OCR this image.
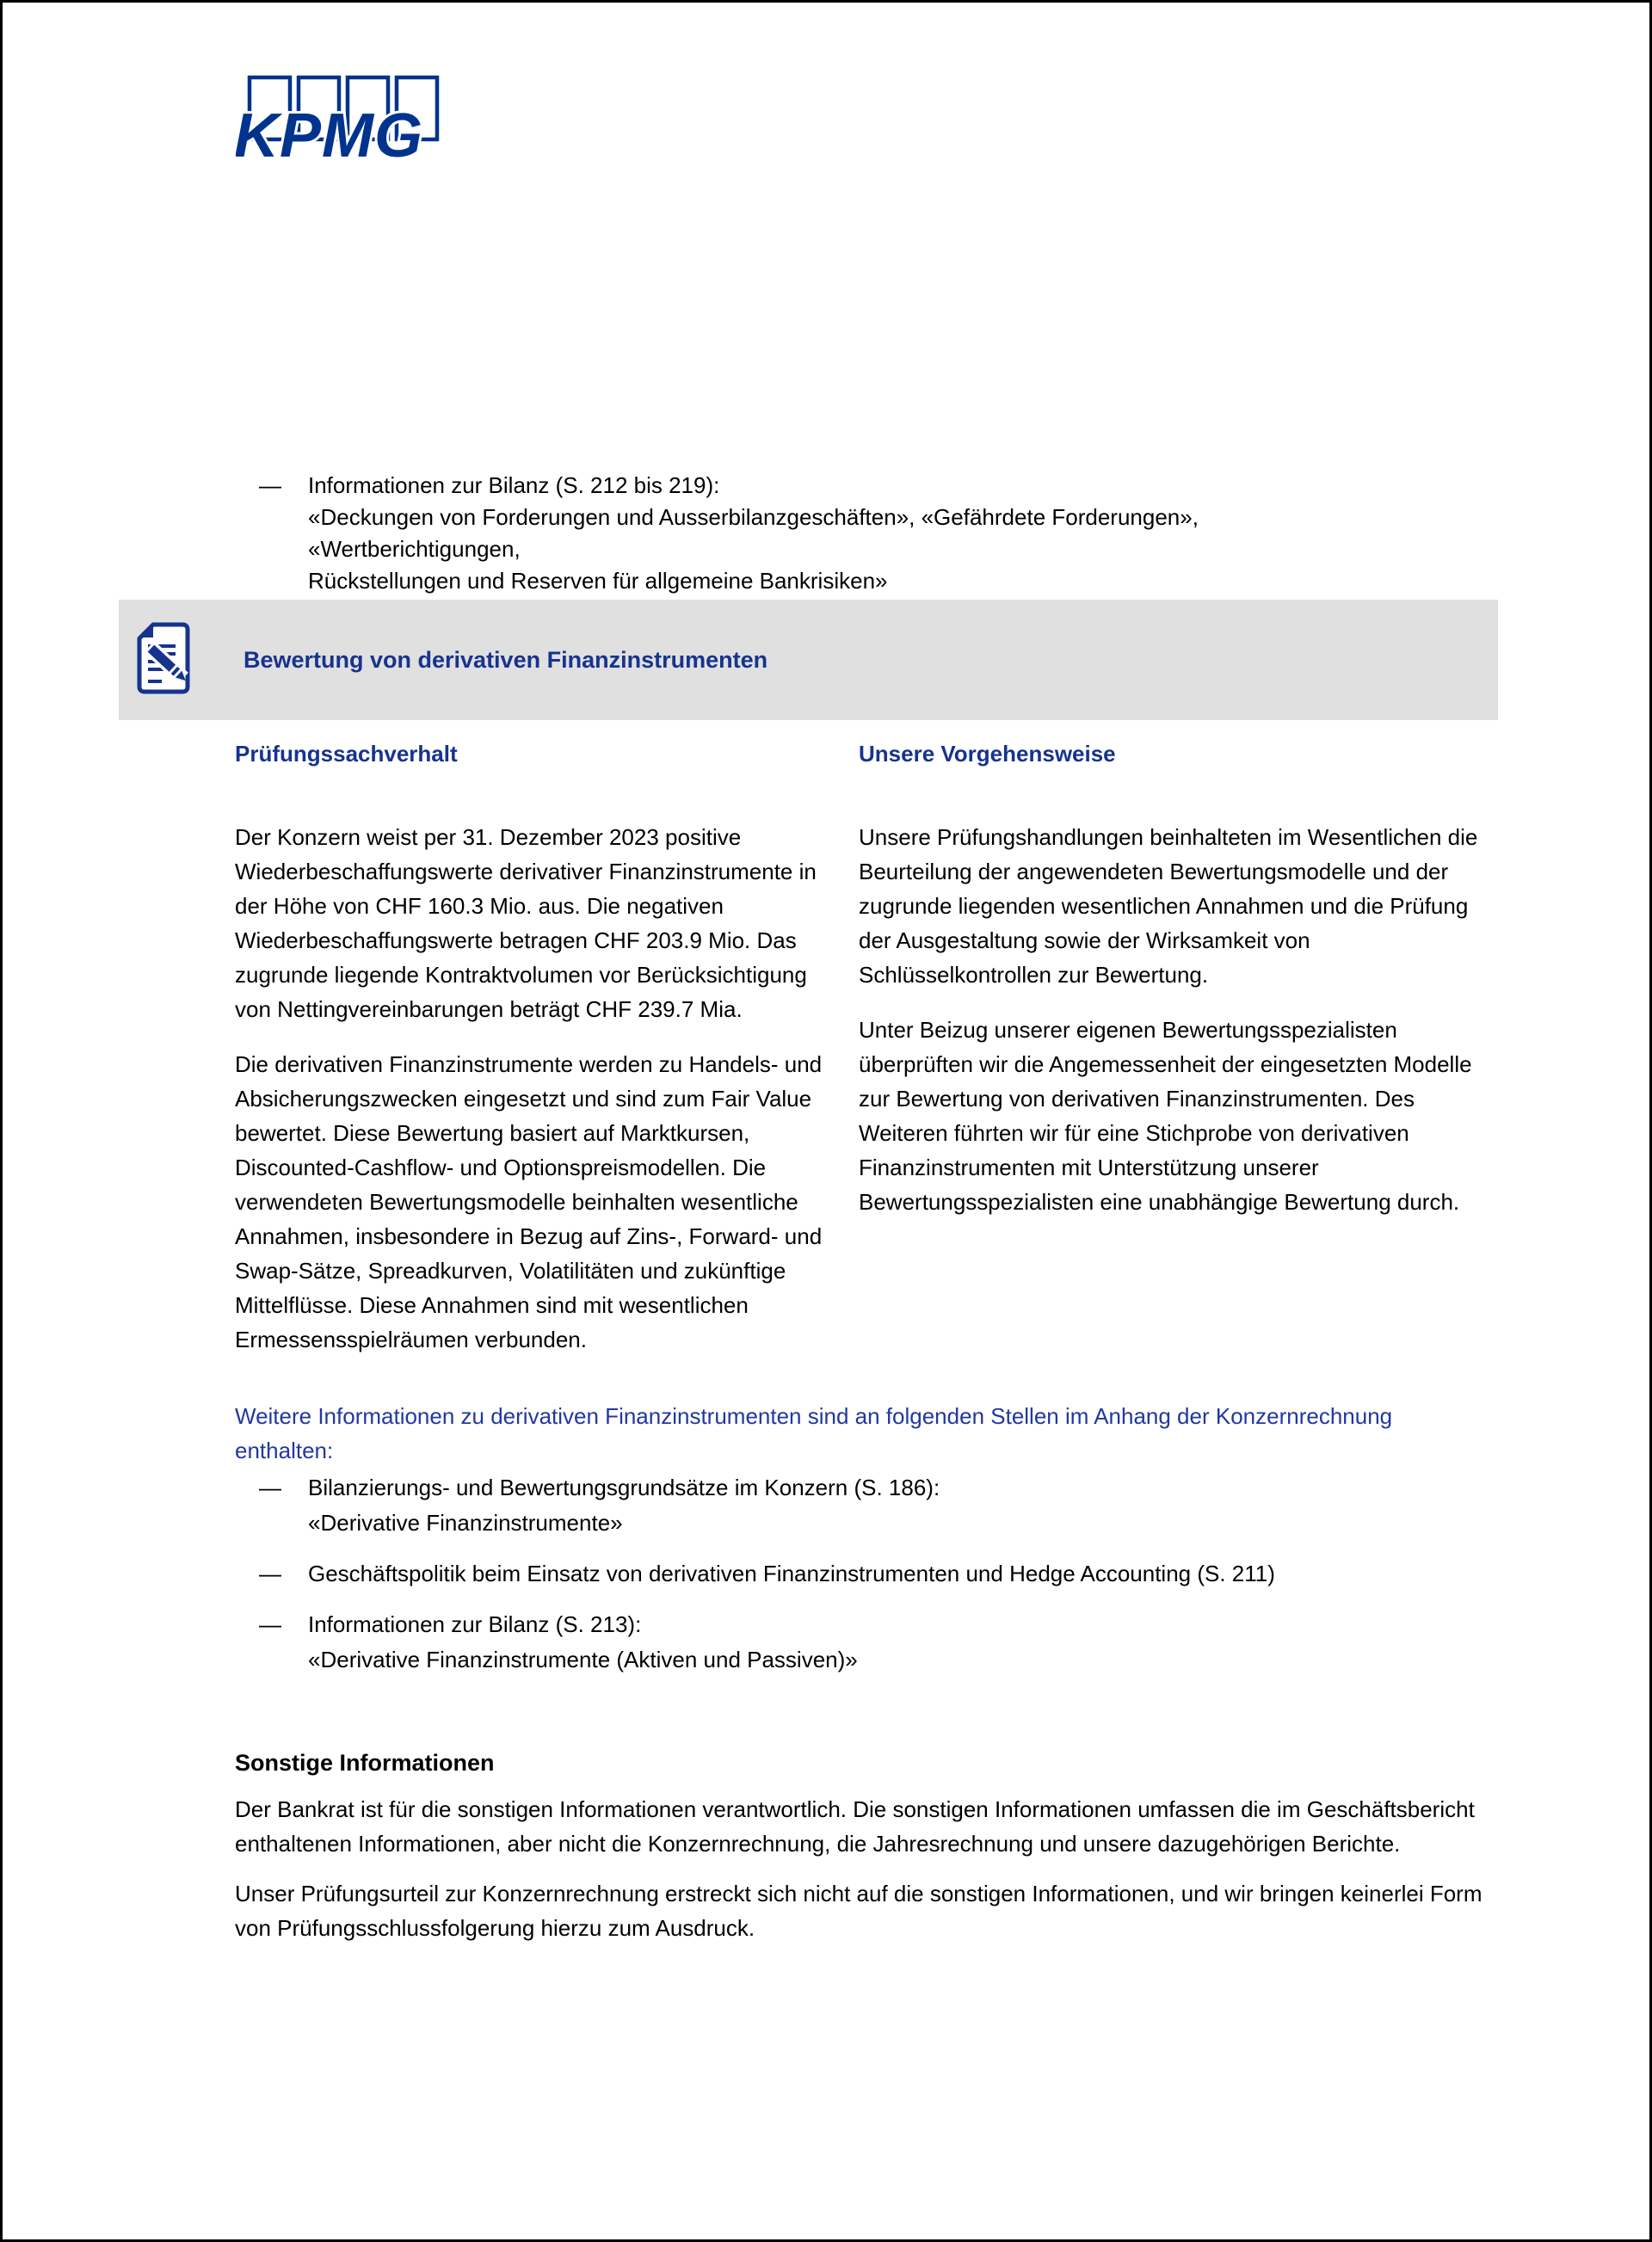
KPMG
—	Informationen zur Bilanz (S. 212 bis 219):
«Deckungen von Forderungen und Ausserbilanzgeschäften», «Gefährdete Forderungen», «Wertberichtigungen,
Rückstellungen und Reserven für allgemeine Bankrisiken»
Bewertung von derivativen Finanzinstrumenten
Prüfungssachverhalt	Unsere Vorgehensweise

Der Konzern weist per 31. Dezember 2023 positive Wiederbeschaffungswerte derivativer Finanzinstrumente in der Höhe von CHF 160.3 Mio. aus. Die negativen Wiederbeschaffungswerte betragen CHF 203.9 Mio. Das zugrunde liegende Kontraktvolumen vor Berücksichtigung von Nettingvereinbarungen beträgt CHF 239.7 Mia.

Die derivativen Finanzinstrumente werden zu Handels- und Absicherungszwecken eingesetzt und sind zum Fair Value bewertet. Diese Bewertung basiert auf Marktkursen, Discounted-Cashflow- und Optionspreismodellen. Die verwendeten Bewertungsmodelle beinhalten wesentliche Annahmen, insbesondere in Bezug auf Zins-, Forward- und Swap-Sätze, Spreadkurven, Volatilitäten und zukünftige Mittelflüsse. Diese Annahmen sind mit wesentlichen Ermessensspielräumen verbunden.

Unsere Prüfungshandlungen beinhalteten im Wesentlichen die Beurteilung der angewendeten Bewertungsmodelle und der zugrunde liegenden wesentlichen Annahmen und die Prüfung der Ausgestaltung sowie der Wirksamkeit von Schlüsselkontrollen zur Bewertung.

Unter Beizug unserer eigenen Bewertungsspezialisten überprüften wir die Angemessenheit der eingesetzten Modelle zur Bewertung von derivativen Finanzinstrumenten. Des Weiteren führten wir für eine Stichprobe von derivativen Finanzinstrumenten mit Unterstützung unserer Bewertungsspezialisten eine unabhängige Bewertung durch.

Weitere Informationen zu derivativen Finanzinstrumenten sind an folgenden Stellen im Anhang der Konzernrechnung enthalten:
—	Bilanzierungs- und Bewertungsgrundsätze im Konzern (S. 186):
«Derivative Finanzinstrumente»
—	Geschäftspolitik beim Einsatz von derivativen Finanzinstrumenten und Hedge Accounting (S. 211)
—	Informationen zur Bilanz (S. 213):
«Derivative Finanzinstrumente (Aktiven und Passiven)»
Sonstige Informationen
Der Bankrat ist für die sonstigen Informationen verantwortlich. Die sonstigen Informationen umfassen die im Geschäftsbericht enthaltenen Informationen, aber nicht die Konzernrechnung, die Jahresrechnung und unsere dazugehörigen Berichte.
Unser Prüfungsurteil zur Konzernrechnung erstreckt sich nicht auf die sonstigen Informationen, und wir bringen keinerlei Form von Prüfungsschlussfolgerung hierzu zum Ausdruck.
